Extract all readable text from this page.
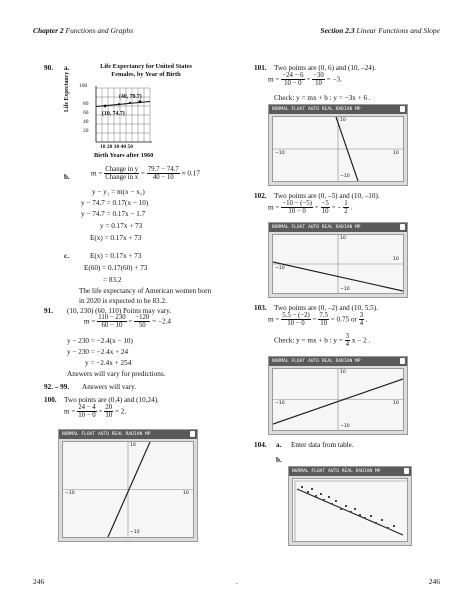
Chapter 2 Functions and Graphs	Section 2.3 Linear Functions and Slope
90. a.	Life Expectancy for United States
Females, by Year of Birth
100
80
60
40
20
(40, 79.7)
(10, 74.7)
10 20 30 40 50
Life Expectancy
Birth Years after 1960
b.	$m = \frac{\text{Change in y}}{\text{Change in x}} = \frac{79.7 - 74.7}{40 - 10} \approx 0.17$
y − y₁ = m(x − x₁)
y − 74.7 = 0.17(x − 10)
y − 74.7 = 0.17x − 1.7
y = 0.17x + 73
E(x) = 0.17x + 73
c.	E(x) = 0.17x + 73
E(60) = 0.17(60) + 73
= 83.2
The life expectancy of American women born
in 2020 is expected to be 83.2.
91. (10, 230) (60, 110) Points may vary.
$m = \frac{110 - 230}{60 - 10} = \frac{-120}{50} = -2.4$
y − 230 = −2.4(x − 10)
y − 230 = −2.4x + 24
y = −2.4x + 254
Answers will vary for predictions.
92. – 99. Answers will vary.
100. Two points are (0,4) and (10,24).
$m = \frac{24 - 4}{10 - 0} = \frac{20}{10} = 2$.
NORMAL FLOAT AUTO REAL RADIAN MP
10
−10	10
−10
101. Two points are (0, 6) and (10, –24).
$m = \frac{-24 - 6}{10 - 0} = \frac{-30}{10} = -3$.
Check: y = mx + b : y = −3x + 6 .
NORMAL FLOAT AUTO REAL RADIAN MP
10
−10	10
−10
102. Two points are (0, –5) and (10, –10).
$m = \frac{-10 - (-5)}{10 - 0} = \frac{-5}{10}$ = − $\frac{1}{2}$ .
NORMAL FLOAT AUTO REAL RADIAN MP
10
−10
10
−10
103. Two points are (0, –2) and (10, 5.5).
$m = \frac{5.5 - (-2)}{10 - 0} = \frac{7.5}{10} = 0.75$ or $\frac{3}{4}$ .
Check: y = mx + b : $y = \frac{3}{4}$ x − 2 .
NORMAL FLOAT AUTO REAL RADIAN MP
10
−10	10
−10
104. a. Enter data from table.
b.
NORMAL FLOAT AUTO REAL RADIAN MP
246	.	246
